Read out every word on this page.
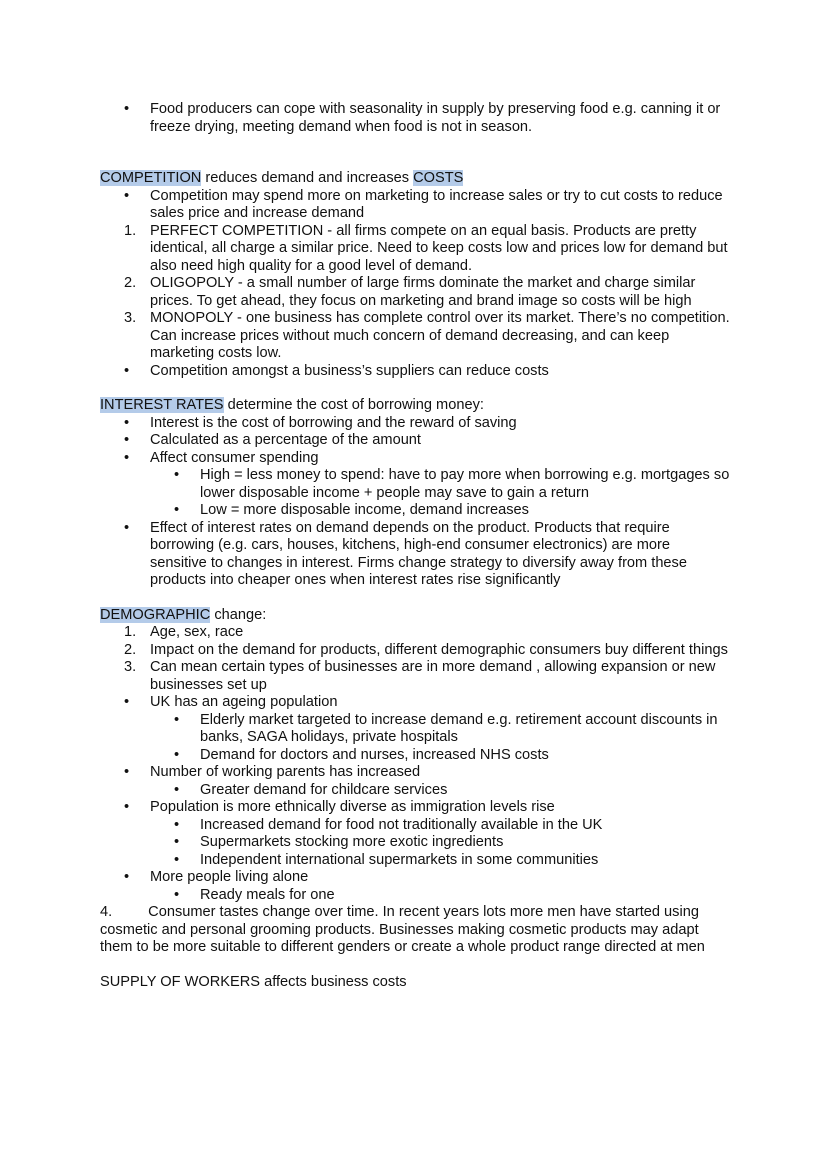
• Food producers can cope with seasonality in supply by preserving food e.g. canning it or freeze drying, meeting demand when food is not in season.

COMPETITION reduces demand and increases COSTS

• Competition may spend more on marketing to increase sales or try to cut costs to reduce sales price and increase demand
1. PERFECT COMPETITION - all firms compete on an equal basis. Products are pretty identical, all charge a similar price. Need to keep costs low and prices low for demand but also need high quality for a good level of demand.
2. OLIGOPOLY - a small number of large firms dominate the market and charge similar prices. To get ahead, they focus on marketing and brand image so costs will be high
3. MONOPOLY - one business has complete control over its market. There’s no competition. Can increase prices without much concern of demand decreasing, and can keep marketing costs low.
• Competition amongst a business’s suppliers can reduce costs

INTEREST RATES determine the cost of borrowing money:

• Interest is the cost of borrowing and the reward of saving
• Calculated as a percentage of the amount
• Affect consumer spending
• High = less money to spend: have to pay more when borrowing e.g. mortgages so lower disposable income + people may save to gain a return
• Low = more disposable income, demand increases
• Effect of interest rates on demand depends on the product. Products that require borrowing (e.g. cars, houses, kitchens, high-end consumer electronics) are more sensitive to changes in interest. Firms change strategy to diversify away from these products into cheaper ones when interest rates rise significantly

DEMOGRAPHIC change:

1. Age, sex, race
2. Impact on the demand for products, different demographic consumers buy different things
3. Can mean certain types of businesses are in more demand , allowing expansion or new businesses set up
• UK has an ageing population
• Elderly market targeted to increase demand e.g. retirement account discounts in banks, SAGA holidays, private hospitals
• Demand for doctors and nurses, increased NHS costs
• Number of working parents has increased
• Greater demand for childcare services
• Population is more ethnically diverse as immigration levels rise
• Increased demand for food not traditionally available in the UK
• Supermarkets stocking more exotic ingredients
• Independent international supermarkets in some communities
• More people living alone
• Ready meals for one

4. Consumer tastes change over time. In recent years lots more men have started using cosmetic and personal grooming products. Businesses making cosmetic products may adapt them to be more suitable to different genders or create a whole product range directed at men

SUPPLY OF WORKERS affects business costs
